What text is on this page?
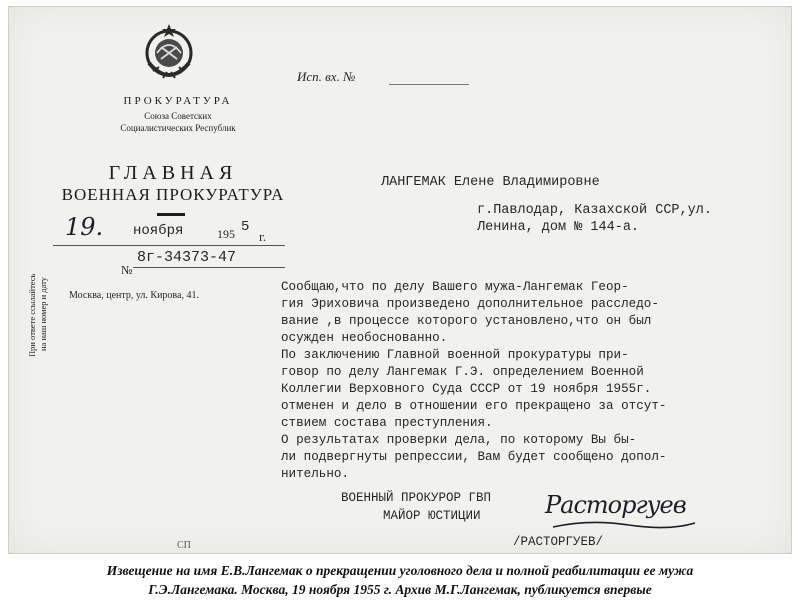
ПРОКУРАТУРА
Союза Советских
Социалистических Республик
ГЛАВНАЯ
ВОЕННАЯ ПРОКУРАТУРА
19. ноября	195 5
г.
№
8г-34373-47
Москва, центр, ул. Кирова, 41.
Исп. вх. №
ЛАНГЕМАК Елене Владимировне
г.Павлодар, Казахской ССР,ул.
Ленина, дом № 144-а.
Сообщаю,что по делу Вашего мужа-Лангемак Геор-
гия Эриховича произведено дополнительное расследо-
вание ,в процессе которого установлено,что он был
осужден необоснованно.
По заключению Главной военной прокуратуры при-
говор по делу Лангемак Г.Э. определением Военной
Коллегии Верховного Суда СССР от 19 ноября 1955г.
отменен и дело в отношении его прекращено за отсут-
ствием состава преступления.
О результатах проверки дела, по которому Вы бы-
ли подвергнуты репрессии, Вам будет сообщено допол-
нительно.
ВОЕННЫЙ ПРОКУРОР ГВП
МАЙОР ЮСТИЦИИ	Расторгуев
/РАСТОРГУЕВ/
При ответе ссылайтесь на наш номер и дату
СП
Извещение на имя Е.В.Лангемак о прекращении уголовного дела и полной реабилитации ее мужа
Г.Э.Лангемака. Москва, 19 ноября 1955 г. Архив М.Г.Лангемак, публикуется впервые
